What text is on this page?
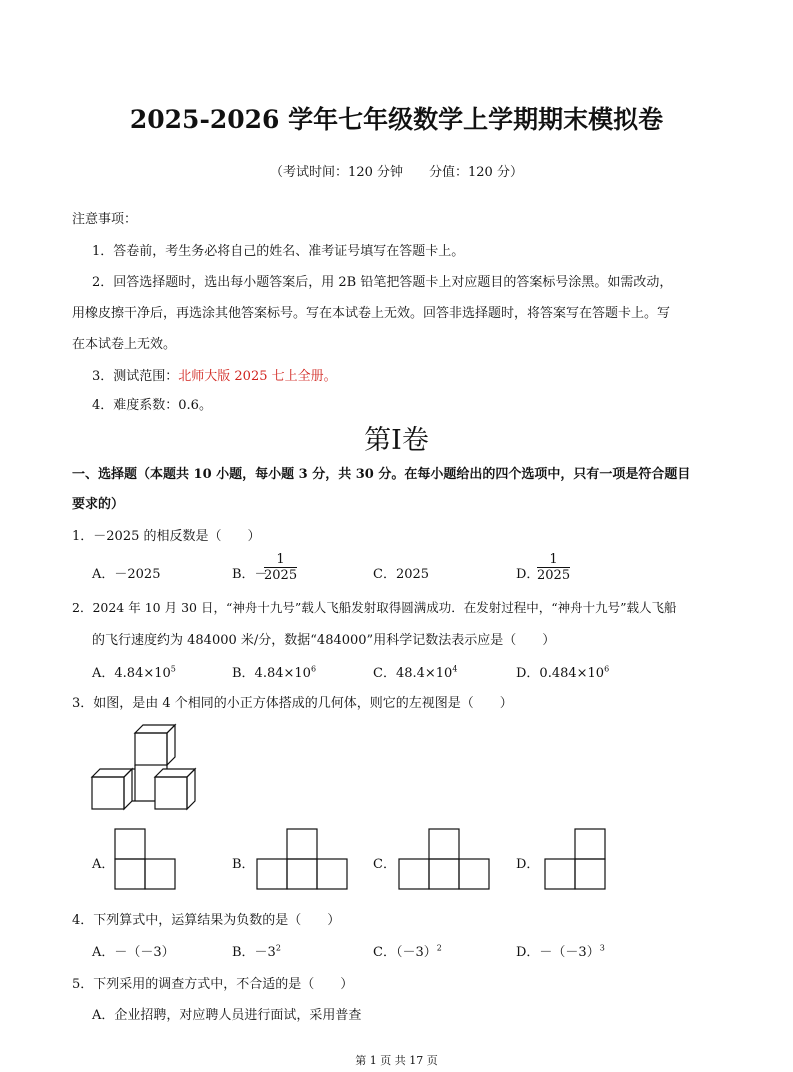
2025-2026 学年七年级数学上学期期末模拟卷
（考试时间：120 分钟　　分值：120 分）
注意事项：
1．答卷前，考生务必将自己的姓名、准考证号填写在答题卡上。
2．回答选择题时，选出每小题答案后，用 2B 铅笔把答题卡上对应题目的答案标号涂黑。如需改动，
用橡皮擦干净后，再选涂其他答案标号。写在本试卷上无效。回答非选择题时，将答案写在答题卡上。写
在本试卷上无效。
3．测试范围：北师大版 2025 七上全册。
4．难度系数：0.6。
第I卷
一、选择题（本题共 10 小题，每小题 3 分，共 30 分。在每小题给出的四个选项中，只有一项是符合题目
要求的）
1．－2025 的相反数是（　　）
A．－2025	B．－
$\frac{1}{2025}$	C．2025	D．
$\frac{1}{2025}$
2．2024 年 10 月 30 日，“神舟十九号”载人飞船发射取得圆满成功．在发射过程中，“神舟十九号”载人飞船
的飞行速度约为 484000 米/分，数据“484000”用科学记数法表示应是（　　）
A．$4.84\times 10^5$	B．$4.84\times 10^6$	C．$48.4\times 10^4$	D．$0.484\times 10^6$
3．如图，是由 4 个相同的小正方体搭成的几何体，则它的左视图是（　　）
A．	B．	C．	D．
4．下列算式中，运算结果为负数的是（　　）
A．－（－3）	B．$-3^2$	C．$(-3)^2$	D．$-(-3)^3$
5．下列采用的调查方式中，不合适的是（　　）
A．企业招聘，对应聘人员进行面试，采用普查
第 1 页 共 17 页
